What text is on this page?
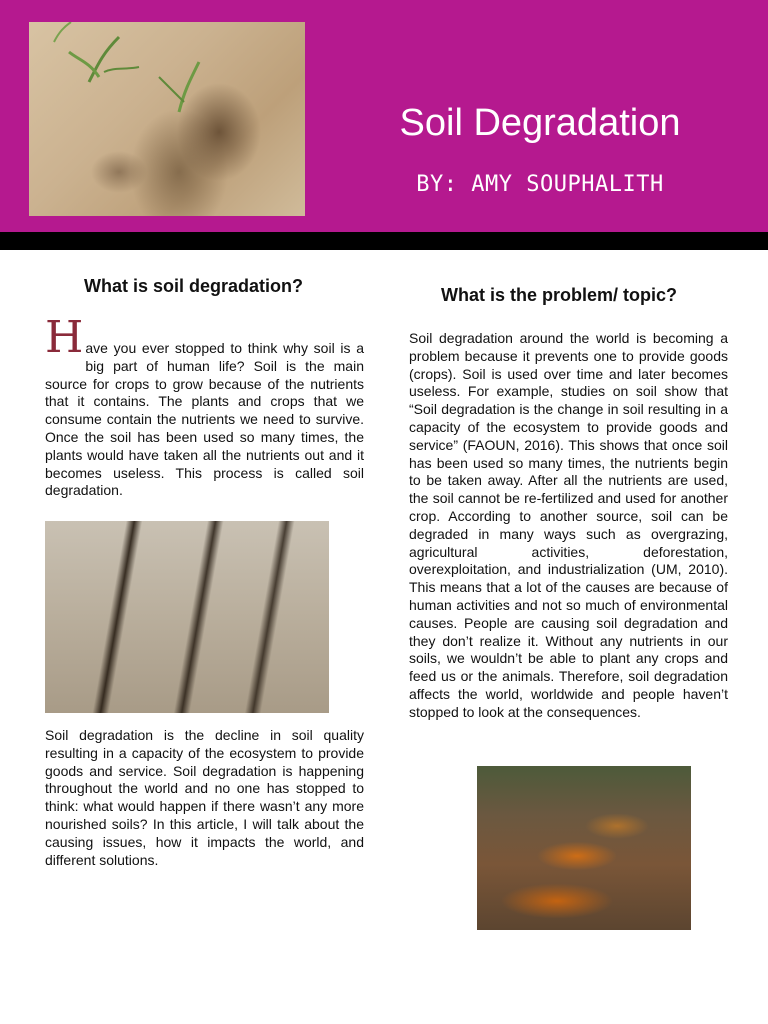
Soil Degradation

BY: AMY SOUPHALITH

What is soil degradation?

H ave you ever stopped to think why soil is a big part of human life? Soil is the main source for crops to grow because of the nutrients that it contains. The plants and crops that we consume contain the nutrients we need to survive. Once the soil has been used so many times, the plants would have taken all the nutrients out and it becomes useless. This process is called soil degradation.

Soil degradation is the decline in soil quality resulting in a capacity of the ecosystem to provide goods and service. Soil degradation is happening throughout the world and no one has stopped to think: what would happen if there wasn’t any more nourished soils? In this article, I will talk about the causing issues, how it impacts the world, and different solutions.

What is the problem/ topic?

Soil degradation around the world is becoming a problem because it prevents one to provide goods (crops). Soil is used over time and later becomes useless. For example, studies on soil show that “Soil degradation is the change in soil resulting in a capacity of the ecosystem to provide goods and service” (FAOUN, 2016). This shows that once soil has been used so many times, the nutrients begin to be taken away. After all the nutrients are used, the soil cannot be re-fertilized and used for another crop. According to another source, soil can be degraded in many ways such as overgrazing, agricultural activities, deforestation, overexploitation, and industrialization (UM, 2010). This means that a lot of the causes are because of human activities and not so much of environmental causes. People are causing soil degradation and they don’t realize it. Without any nutrients in our soils, we wouldn’t be able to plant any crops and feed us or the animals. Therefore, soil degradation affects the world, worldwide and people haven’t stopped to look at the consequences.
